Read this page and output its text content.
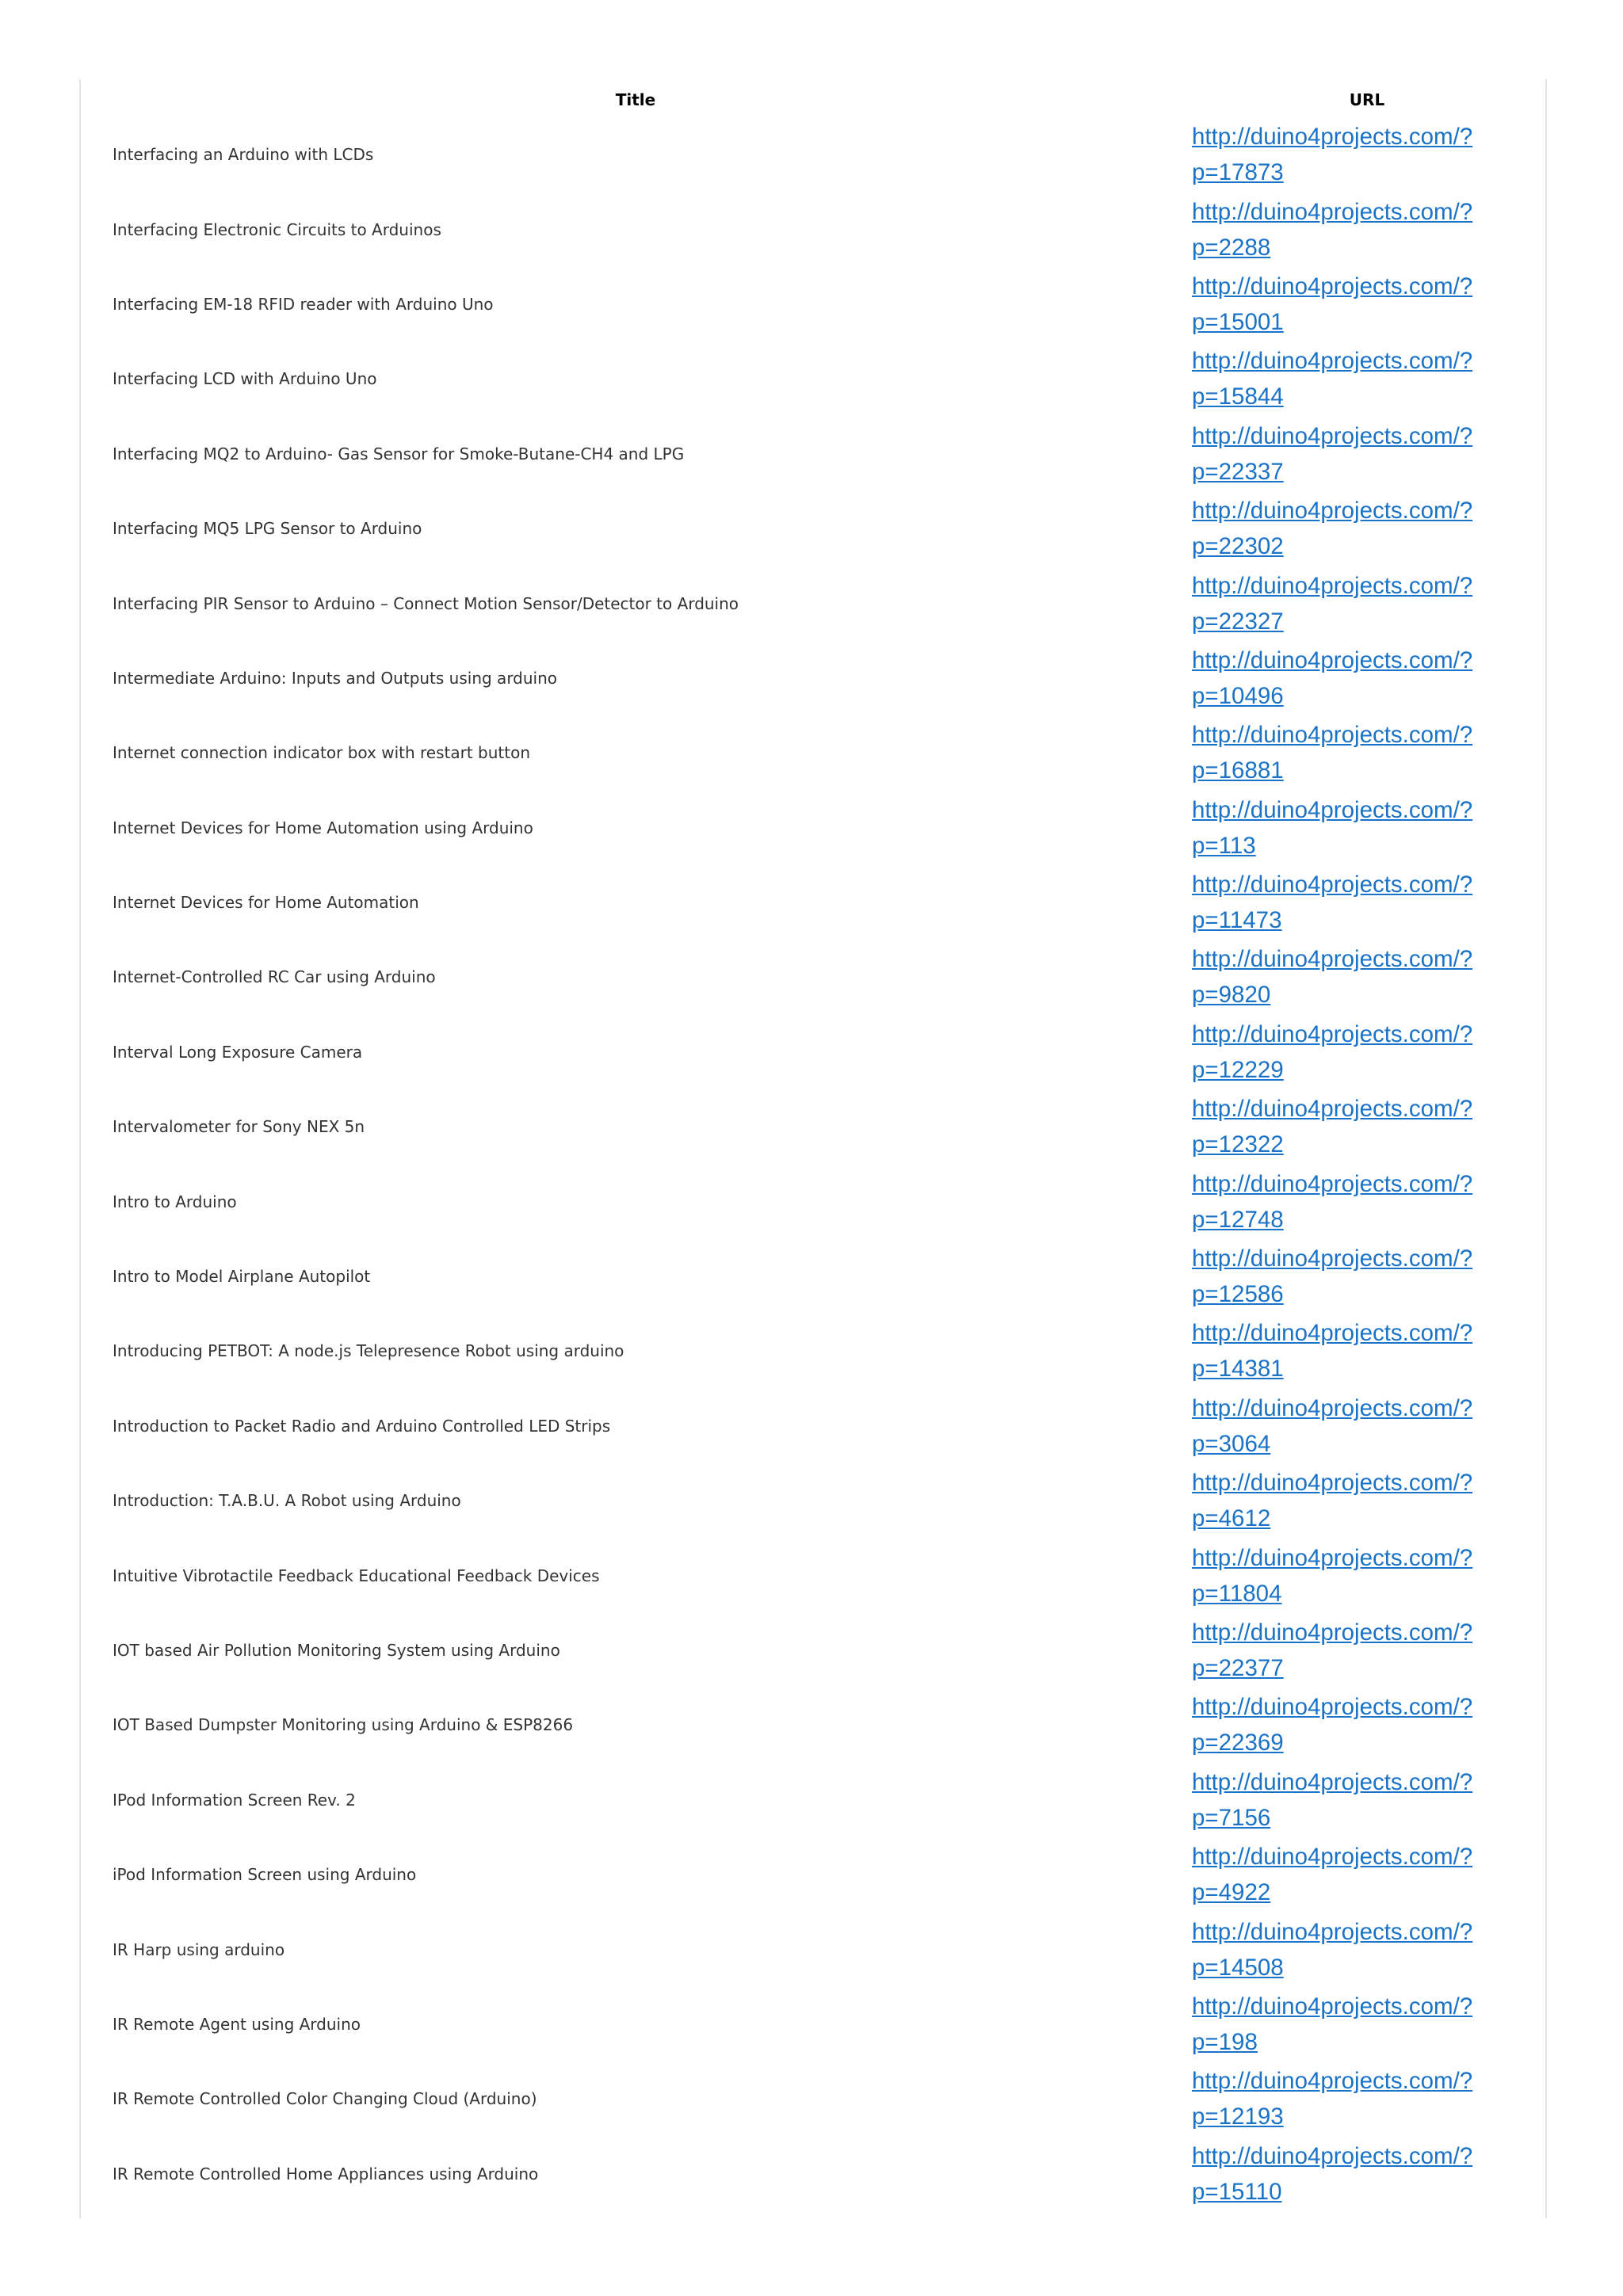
Title	URL
Interfacing an Arduino with LCDs	http://duino4projects.com/?p=17873

Interfacing Electronic Circuits to Arduinos	http://duino4projects.com/?p=2288

Interfacing EM-18 RFID reader with Arduino Uno	http://duino4projects.com/?p=15001

Interfacing LCD with Arduino Uno	http://duino4projects.com/?p=15844

Interfacing MQ2 to Arduino- Gas Sensor for Smoke-Butane-CH4 and LPG	http://duino4projects.com/?p=22337

Interfacing MQ5 LPG Sensor to Arduino	http://duino4projects.com/?p=22302

Interfacing PIR Sensor to Arduino – Connect Motion Sensor/Detector to Arduino	http://duino4projects.com/?p=22327

Intermediate Arduino: Inputs and Outputs using arduino	http://duino4projects.com/?p=10496

Internet connection indicator box with restart button	http://duino4projects.com/?p=16881

Internet Devices for Home Automation using Arduino	http://duino4projects.com/?p=113

Internet Devices for Home Automation	http://duino4projects.com/?p=11473

Internet-Controlled RC Car using Arduino	http://duino4projects.com/?p=9820

Interval Long Exposure Camera	http://duino4projects.com/?p=12229

Intervalometer for Sony NEX 5n	http://duino4projects.com/?p=12322

Intro to Arduino	http://duino4projects.com/?p=12748

Intro to Model Airplane Autopilot	http://duino4projects.com/?p=12586

Introducing PETBOT: A node.js Telepresence Robot using arduino	http://duino4projects.com/?p=14381

Introduction to Packet Radio and Arduino Controlled LED Strips	http://duino4projects.com/?p=3064

Introduction: T.A.B.U. A Robot using Arduino	http://duino4projects.com/?p=4612

Intuitive Vibrotactile Feedback Educational Feedback Devices	http://duino4projects.com/?p=11804

IOT based Air Pollution Monitoring System using Arduino	http://duino4projects.com/?p=22377

IOT Based Dumpster Monitoring using Arduino & ESP8266	http://duino4projects.com/?p=22369

IPod Information Screen Rev. 2	http://duino4projects.com/?p=7156

iPod Information Screen using Arduino	http://duino4projects.com/?p=4922

IR Harp using arduino	http://duino4projects.com/?p=14508

IR Remote Agent using Arduino	http://duino4projects.com/?p=198

IR Remote Controlled Color Changing Cloud (Arduino)	http://duino4projects.com/?p=12193

IR Remote Controlled Home Appliances using Arduino	http://duino4projects.com/?p=15110
